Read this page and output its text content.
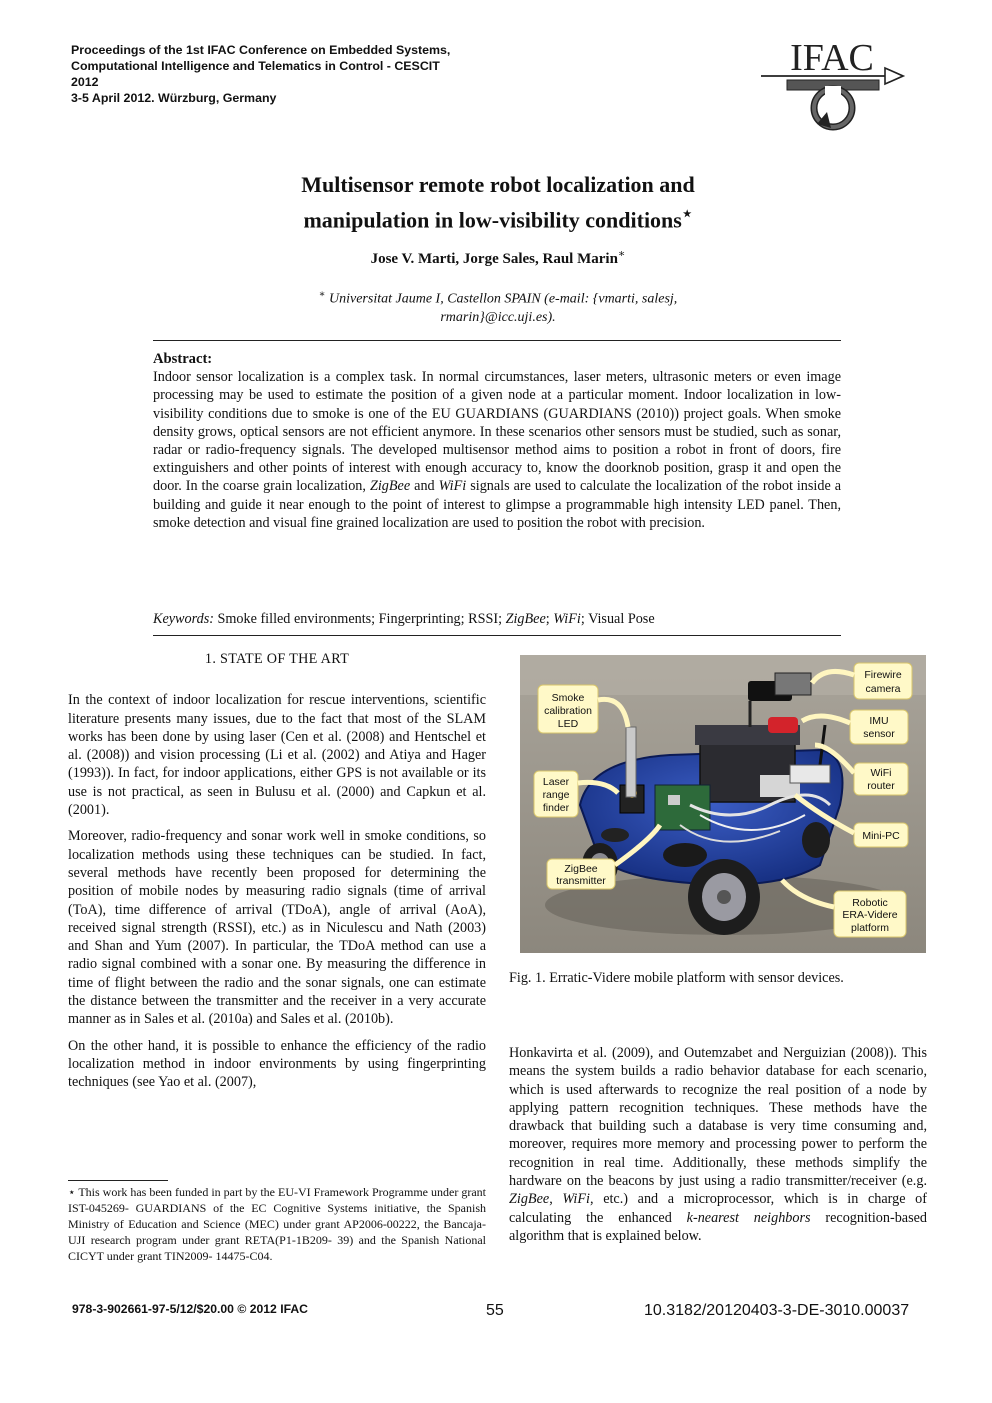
Proceedings of the 1st IFAC Conference on Embedded Systems,
Computational Intelligence and Telematics in Control - CESCIT
2012
3-5 April 2012. Würzburg, Germany
IFAC
Multisensor remote robot localization and
manipulation in low-visibility conditions⋆
Jose V. Marti, Jorge Sales, Raul Marin∗
∗ Universitat Jaume I, Castellon SPAIN (e-mail: {vmarti, salesj,
rmarin}@icc.uji.es).
Abstract:
Indoor sensor localization is a complex task. In normal circumstances, laser meters, ultrasonic meters or even image processing may be used to estimate the position of a given node at a particular moment. Indoor localization in low-visibility conditions due to smoke is one of the EU GUARDIANS (GUARDIANS (2010)) project goals. When smoke density grows, optical sensors are not efficient anymore. In these scenarios other sensors must be studied, such as sonar, radar or radio-frequency signals. The developed multisensor method aims to position a robot in front of doors, fire extinguishers and other points of interest with enough accuracy to, know the doorknob position, grasp it and open the door. In the coarse grain localization, ZigBee and WiFi signals are used to calculate the localization of the robot inside a building and guide it near enough to the point of interest to glimpse a programmable high intensity LED panel. Then, smoke detection and visual fine grained localization are used to position the robot with precision.
Keywords: Smoke filled environments; Fingerprinting; RSSI; ZigBee; WiFi; Visual Pose
1. STATE OF THE ART

In the context of indoor localization for rescue interventions, scientific literature presents many issues, due to the fact that most of the SLAM works has been done by using laser (Cen et al. (2008) and Hentschel et al. (2008)) and vision processing (Li et al. (2002) and Atiya and Hager (1993)). In fact, for indoor applications, either GPS is not available or its use is not practical, as seen in Bulusu et al. (2000) and Capkun et al. (2001).

Moreover, radio-frequency and sonar work well in smoke conditions, so localization methods using these techniques can be studied. In fact, several methods have recently been proposed for determining the position of mobile nodes by measuring radio signals (time of arrival (ToA), time difference of arrival (TDoA), angle of arrival (AoA), received signal strength (RSSI), etc.) as in Niculescu and Nath (2003) and Shan and Yum (2007). In particular, the TDoA method can use a radio signal combined with a sonar one. By measuring the difference in time of flight between the radio and the sonar signals, one can estimate the distance between the transmitter and the receiver in a very accurate manner as in Sales et al. (2010a) and Sales et al. (2010b).

On the other hand, it is possible to enhance the efficiency of the radio localization method in indoor environments by using fingerprinting techniques (see Yao et al. (2007),

⋆ This work has been funded in part by the EU-VI Framework Programme under grant IST-045269- GUARDIANS of the EC Cognitive Systems initiative, the Spanish Ministry of Education and Science (MEC) under grant AP2006-00222, the Bancaja-UJI research program under grant RETA(P1-1B209- 39) and the Spanish National CICYT under grant TIN2009- 14475-C04.
Firewire
camera
Smoke
calibration
LED	IMU
sensor
WiFi
router
Laser
range
finder
Mini-PC
ZigBee
transmitter
Robotic
ERA-Videre
platform
Fig. 1. Erratic-Videre mobile platform with sensor devices.

Honkavirta et al. (2009), and Outemzabet and Nerguizian (2008)). This means the system builds a radio behavior database for each scenario, which is used afterwards to recognize the real position of a node by applying pattern recognition techniques. These methods have the drawback that building such a database is very time consuming and, moreover, requires more memory and processing power to perform the recognition in real time. Additionally, these methods simplify the hardware on the beacons by just using a radio transmitter/receiver (e.g. ZigBee, WiFi, etc.) and a microprocessor, which is in charge of calculating the enhanced k-nearest neighbors recognition-based algorithm that is explained below.

978-3-902661-97-5/12/$20.00 © 2012 IFAC	55	10.3182/20120403-3-DE-3010.00037
